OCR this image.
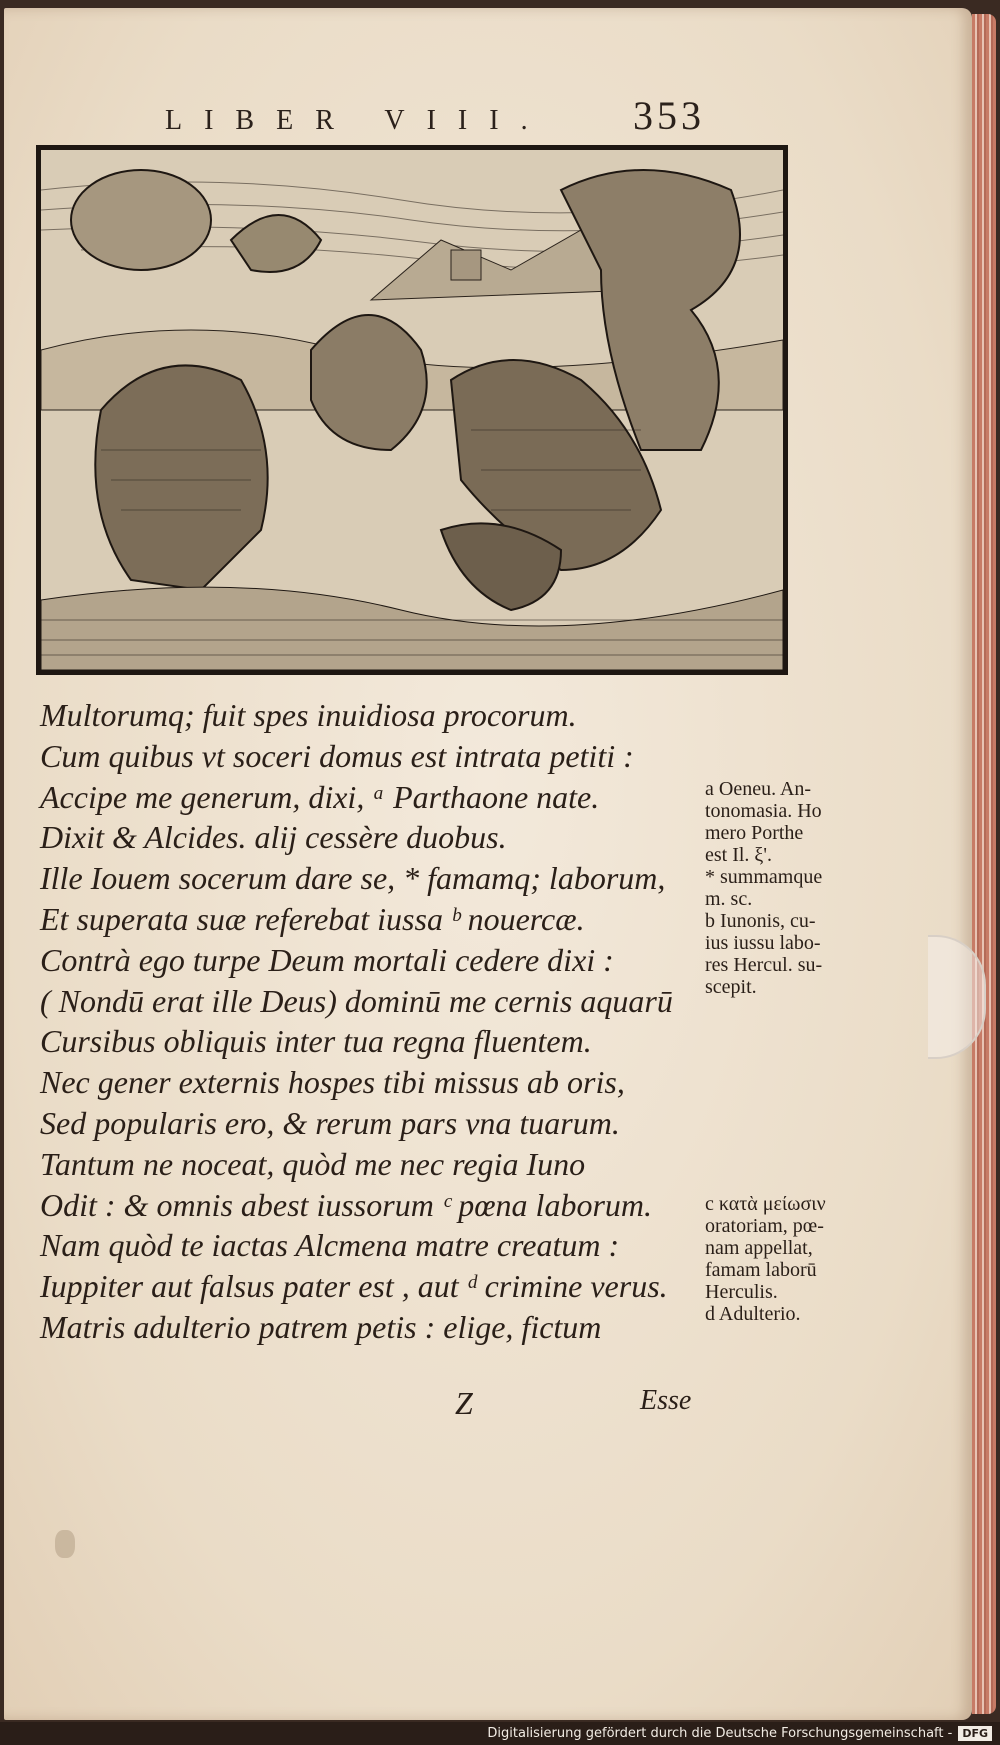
LIBER VIII. 353
Multorumq; fuit spes inuidiosa procorum.
Cum quibus vt soceri domus est intrata petiti :
Accipe me generum, dixi, ᵃ Parthaone nate.
Dixit & Alcides. alij cessère duobus.
Ille Iouem socerum dare se, * famamq; laborum,
Et superata suæ referebat iussa ᵇ nouercæ.
Contrà ego turpe Deum mortali cedere dixi :
( Nondū erat ille Deus) dominū me cernis aquarū
Cursibus obliquis inter tua regna fluentem.
Nec gener externis hospes tibi missus ab oris,
Sed popularis ero, & rerum pars vna tuarum.
Tantum ne noceat, quòd me nec regia Iuno
Odit : & omnis abest iussorum ᶜ pœna laborum.
Nam quòd te iactas Alcmena matre creatum :
Iuppiter aut falsus pater est , aut ᵈ crimine verus.
Matris adulterio patrem petis : elige, fictum
a Oeneu. An-
tonomasia. Ho
mero Porthe
est Il. ξ'.
* summamque
m. sc.
b Iunonis, cu-
ius iussu labo-
res Hercul. su-
scepit.
c κατὰ μείωσιν
oratoriam, pœ-
nam appellat,
famam laborū
Herculis.
d Adulterio.
Z	Esse
Digitalisierung gefördert durch die Deutsche Forschungsgemeinschaft - DFG
